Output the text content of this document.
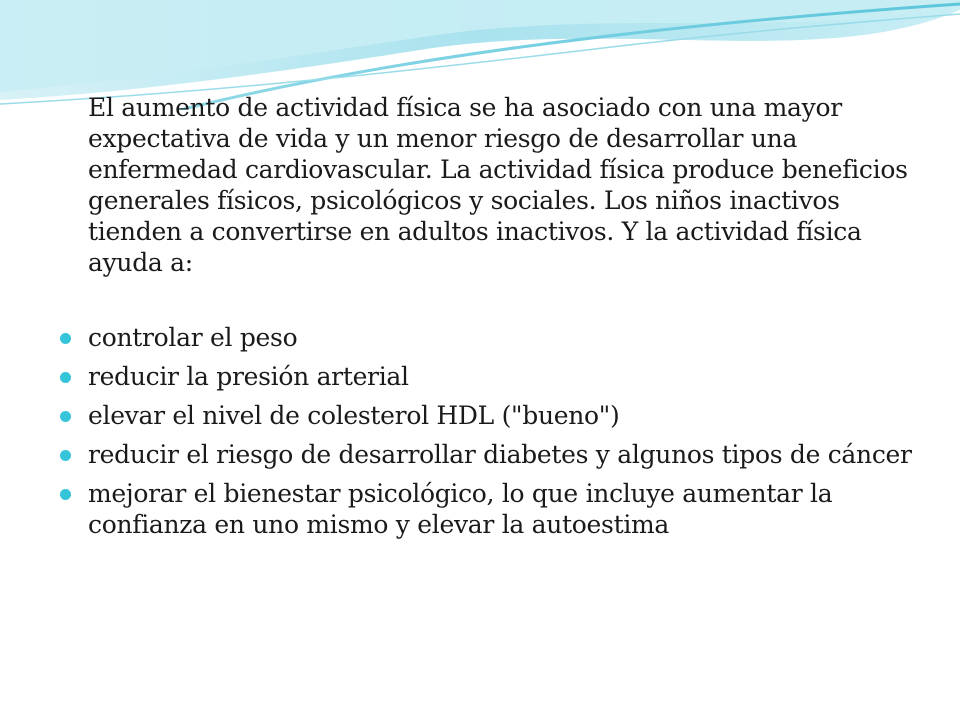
El aumento de actividad física se ha asociado con una mayor expectativa de vida y un menor riesgo de desarrollar una enfermedad cardiovascular. La actividad física produce beneficios generales físicos, psicológicos y sociales. Los niños inactivos tienden a convertirse en adultos inactivos. Y la actividad física ayuda a:

controlar el peso
reducir la presión arterial
elevar el nivel de colesterol HDL ("bueno")
reducir el riesgo de desarrollar diabetes y algunos tipos de cáncer
mejorar el bienestar psicológico, lo que incluye aumentar la confianza en uno mismo y elevar la autoestima
